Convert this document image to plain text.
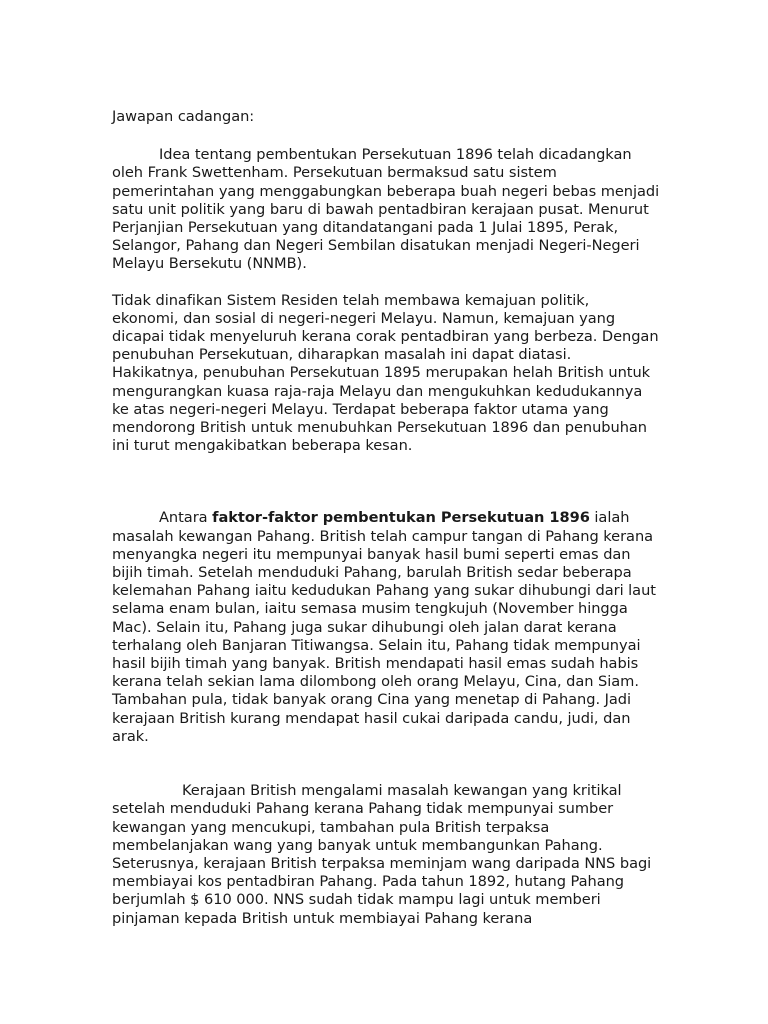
Jawapan cadangan:

Idea tentang pembentukan Persekutuan 1896 telah dicadangkan oleh Frank Swettenham. Persekutuan bermaksud satu sistem pemerintahan yang menggabungkan beberapa buah negeri bebas menjadi satu unit politik yang baru di bawah pentadbiran kerajaan pusat. Menurut Perjanjian Persekutuan yang ditandatangani pada 1 Julai 1895, Perak, Selangor, Pahang dan Negeri Sembilan disatukan menjadi Negeri-Negeri Melayu Bersekutu (NNMB).

Tidak dinafikan Sistem Residen telah membawa kemajuan politik, ekonomi, dan sosial di negeri-negeri Melayu. Namun, kemajuan yang dicapai tidak menyeluruh kerana corak pentadbiran yang berbeza. Dengan penubuhan Persekutuan, diharapkan masalah ini dapat diatasi. Hakikatnya, penubuhan Persekutuan 1895 merupakan helah British untuk mengurangkan kuasa raja-raja Melayu dan mengukuhkan kedudukannya ke atas negeri-negeri Melayu. Terdapat beberapa faktor utama yang mendorong British untuk menubuhkan Persekutuan 1896 dan penubuhan ini turut mengakibatkan beberapa kesan.

Antara faktor-faktor pembentukan Persekutuan 1896 ialah masalah kewangan Pahang. British telah campur tangan di Pahang kerana menyangka negeri itu mempunyai banyak hasil bumi seperti emas dan bijih timah. Setelah menduduki Pahang, barulah British sedar beberapa kelemahan Pahang iaitu kedudukan Pahang yang sukar dihubungi dari laut selama enam bulan, iaitu semasa musim tengkujuh (November hingga Mac). Selain itu, Pahang juga sukar dihubungi oleh jalan darat kerana terhalang oleh Banjaran Titiwangsa. Selain itu, Pahang tidak mempunyai hasil bijih timah yang banyak. British mendapati hasil emas sudah habis kerana telah sekian lama dilombong oleh orang Melayu, Cina, dan Siam. Tambahan pula, tidak banyak orang Cina yang menetap di Pahang. Jadi kerajaan British kurang mendapat hasil cukai daripada candu, judi, dan arak.

Kerajaan British mengalami masalah kewangan yang kritikal setelah menduduki Pahang kerana Pahang tidak mempunyai sumber kewangan yang mencukupi, tambahan pula British terpaksa membelanjakan wang yang banyak untuk membangunkan Pahang. Seterusnya, kerajaan British terpaksa meminjam wang daripada NNS bagi membiayai kos pentadbiran Pahang. Pada tahun 1892, hutang Pahang berjumlah $ 610 000. NNS sudah tidak mampu lagi untuk memberi pinjaman kepada British untuk membiayai Pahang kerana
